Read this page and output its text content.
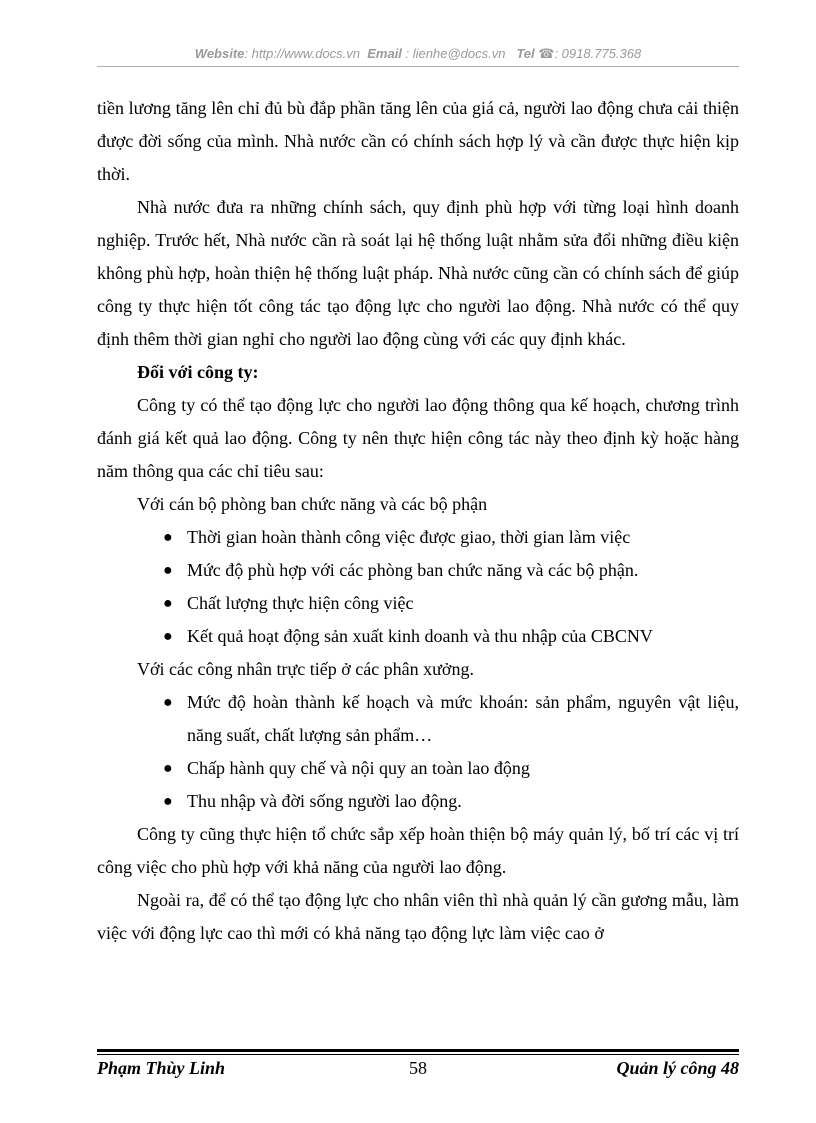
Website: http://www.docs.vn Email : lienhe@docs.vn Tel ☎: 0918.775.368

tiền lương tăng lên chỉ đủ bù đắp phần tăng lên của giá cả, người lao động chưa cải thiện được đời sống của mình. Nhà nước cần có chính sách hợp lý và cần được thực hiện kịp thời.

Nhà nước đưa ra những chính sách, quy định phù hợp với từng loại hình doanh nghiệp. Trước hết, Nhà nước cần rà soát lại hệ thống luật nhằm sửa đổi những điều kiện không phù hợp, hoàn thiện hệ thống luật pháp. Nhà nước cũng cần có chính sách để giúp công ty thực hiện tốt công tác tạo động lực cho người lao động. Nhà nước có thể quy định thêm thời gian nghỉ cho người lao động cùng với các quy định khác.

Đối với công ty:

Công ty có thể tạo động lực cho người lao động thông qua kế hoạch, chương trình đánh giá kết quả lao động. Công ty nên thực hiện công tác này theo định kỳ hoặc hàng năm thông qua các chỉ tiêu sau:

Với cán bộ phòng ban chức năng và các bộ phận

● Thời gian hoàn thành công việc được giao, thời gian làm việc
● Mức độ phù hợp với các phòng ban chức năng và các bộ phận.
● Chất lượng thực hiện công việc
● Kết quả hoạt động sản xuất kinh doanh và thu nhập của CBCNV

Với các công nhân trực tiếp ở các phân xưởng.

● Mức độ hoàn thành kế hoạch và mức khoán: sản phẩm, nguyên vật liệu, năng suất, chất lượng sản phẩm…
● Chấp hành quy chế và nội quy an toàn lao động
● Thu nhập và đời sống người lao động.

Công ty cũng thực hiện tổ chức sắp xếp hoàn thiện bộ máy quản lý, bố trí các vị trí công việc cho phù hợp với khả năng của người lao động.

Ngoài ra, để có thể tạo động lực cho nhân viên thì nhà quản lý cần gương mẫu, làm việc với động lực cao thì mới có khả năng tạo động lực làm việc cao ở

Phạm Thùy Linh	58	Quản lý công 48
